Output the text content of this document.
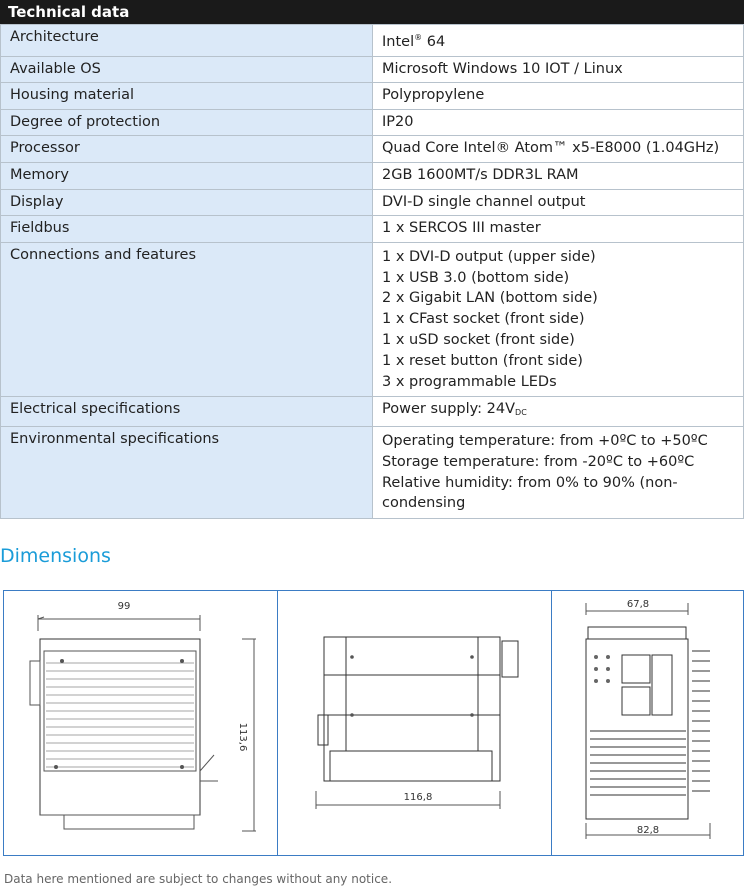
Technical data
Architecture	Intel® 64
Available OS	Microsoft Windows 10 IOT / Linux
Housing material	Polypropylene
Degree of protection	IP20
Processor	Quad Core Intel® Atom™ x5-E8000 (1.04GHz)
Memory	2GB 1600MT/s DDR3L RAM
Display	DVI-D single channel output
Fieldbus	1 x SERCOS III master
Connections and features	1 x DVI-D output (upper side)
1 x USB 3.0 (bottom side)
2 x Gigabit LAN (bottom side)
1 x CFast socket (front side)
1 x uSD socket (front side)
1 x reset button (front side)
3 x programmable LEDs
Electrical specifications	Power supply: $24V_{DC}$
Environmental specifications	Operating temperature: from +0ºC to +50ºC
Storage temperature: from -20ºC to +60ºC
Relative humidity: from 0% to 90% (non-
condensing
Dimensions
99
113,6
116,8
67,8
82,8
Data here mentioned are subject to changes without any notice.
